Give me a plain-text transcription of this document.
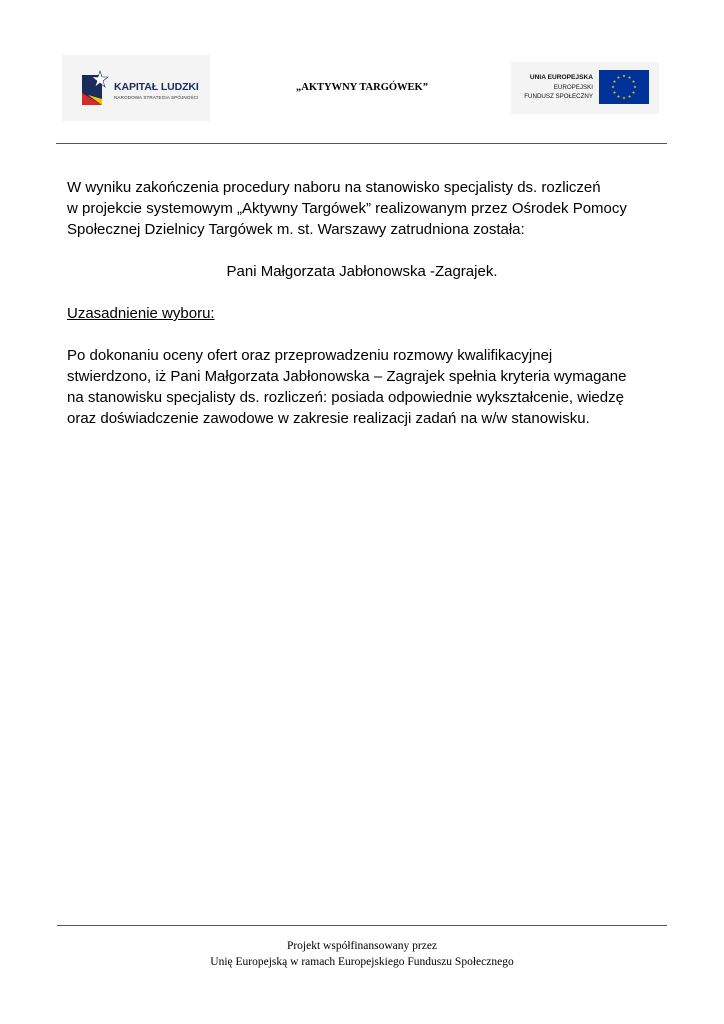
KAPITAŁ LUDZKI
NARODOWA STRATEGIA SPÓJNOŚCI
„AKTYWNY TARGÓWEK”
UNIA EUROPEJSKA
EUROPEJSKI
FUNDUSZ SPOŁECZNY

W wyniku zakończenia procedury naboru na stanowisko specjalisty ds. rozliczeń
w projekcie systemowym „Aktywny Targówek” realizowanym przez Ośrodek Pomocy
Społecznej Dzielnicy Targówek m. st. Warszawy zatrudniona została:

Pani Małgorzata Jabłonowska -Zagrajek.

Uzasadnienie wyboru:

Po dokonaniu oceny ofert oraz przeprowadzeniu rozmowy kwalifikacyjnej
stwierdzono, iż Pani Małgorzata Jabłonowska – Zagrajek spełnia kryteria wymagane
na stanowisku specjalisty ds. rozliczeń: posiada odpowiednie wykształcenie, wiedzę
oraz doświadczenie zawodowe w zakresie realizacji zadań na w/w stanowisku.

Projekt współfinansowany przez
Unię Europejską w ramach Europejskiego Funduszu Społecznego
